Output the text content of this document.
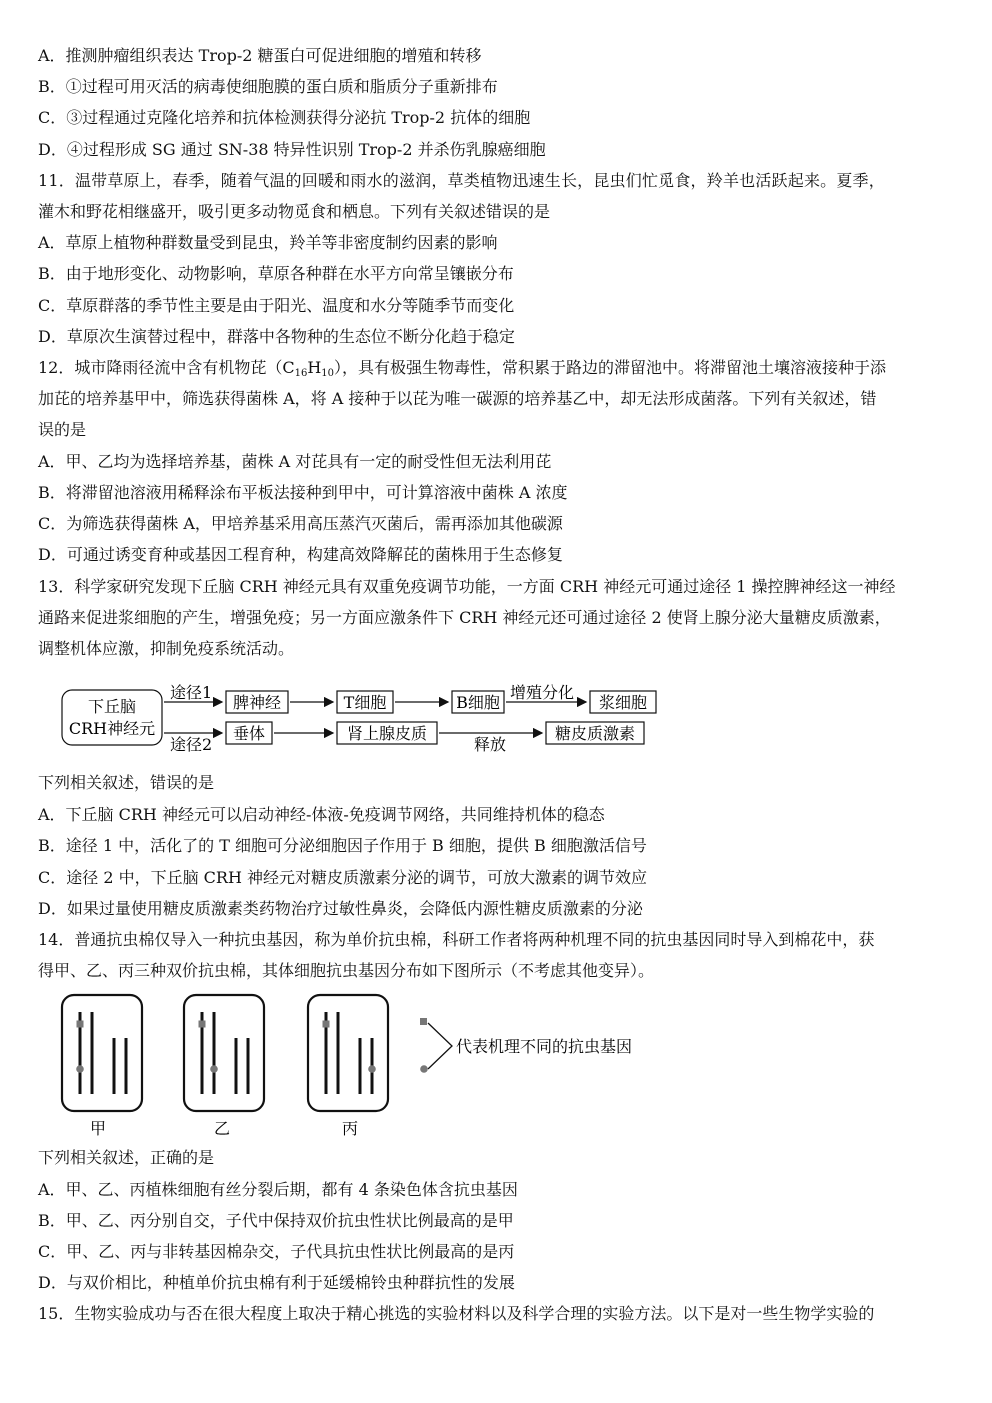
A．推测肿瘤组织表达 Trop-2 糖蛋白可促进细胞的增殖和转移
B．①过程可用灭活的病毒使细胞膜的蛋白质和脂质分子重新排布
C．③过程通过克隆化培养和抗体检测获得分泌抗 Trop-2 抗体的细胞
D．④过程形成 SG 通过 SN-38 特异性识别 Trop-2 并杀伤乳腺癌细胞
11．温带草原上，春季，随着气温的回暖和雨水的滋润，草类植物迅速生长，昆虫们忙觅食，羚羊也活跃起来。夏季，
灌木和野花相继盛开，吸引更多动物觅食和栖息。下列有关叙述错误的是
A．草原上植物种群数量受到昆虫，羚羊等非密度制约因素的影响
B．由于地形变化、动物影响，草原各种群在水平方向常呈镶嵌分布
C．草原群落的季节性主要是由于阳光、温度和水分等随季节而变化
D．草原次生演替过程中，群落中各物种的生态位不断分化趋于稳定
12．城市降雨径流中含有机物芘$(C_{16}H_{10})$，具有极强生物毒性，常积累于路边的滞留池中。将滞留池土壤溶液接种于添
加芘的培养基甲中，筛选获得菌株 A，将 A 接种于以芘为唯一碳源的培养基乙中，却无法形成菌落。下列有关叙述，错
误的是
A．甲、乙均为选择培养基，菌株 A 对芘具有一定的耐受性但无法利用芘
B．将滞留池溶液用稀释涂布平板法接种到甲中，可计算溶液中菌株 A 浓度
C．为筛选获得菌株 A，甲培养基采用高压蒸汽灭菌后，需再添加其他碳源
D．可通过诱变育种或基因工程育种，构建高效降解芘的菌株用于生态修复
13．科学家研究发现下丘脑 CRH 神经元具有双重免疫调节功能，一方面 CRH 神经元可通过途径 1 操控脾神经这一神经
通路来促进浆细胞的产生，增强免疫；另一方面应激条件下 CRH 神经元还可通过途径 2 使肾上腺分泌大量糖皮质激素，
调整机体应激，抑制免疫系统活动。
下丘脑
CRH神经元
途径1
脾神经	T细胞	B细胞
增殖分化
浆细胞
途径2
垂体	肾上腺皮质
释放
糖皮质激素
下列相关叙述，错误的是
A．下丘脑 CRH 神经元可以启动神经-体液-免疫调节网络，共同维持机体的稳态
B．途径 1 中，活化了的 T 细胞可分泌细胞因子作用于 B 细胞，提供 B 细胞激活信号
C．途径 2 中，下丘脑 CRH 神经元对糖皮质激素分泌的调节，可放大激素的调节效应
D．如果过量使用糖皮质激素类药物治疗过敏性鼻炎，会降低内源性糖皮质激素的分泌
14．普通抗虫棉仅导入一种抗虫基因，称为单价抗虫棉，科研工作者将两种机理不同的抗虫基因同时导入到棉花中，获
得甲、乙、丙三种双价抗虫棉，其体细胞抗虫基因分布如下图所示（不考虑其他变异）。
甲	乙	丙
代表机理不同的抗虫基因
下列相关叙述，正确的是
A．甲、乙、丙植株细胞有丝分裂后期，都有 4 条染色体含抗虫基因
B．甲、乙、丙分别自交，子代中保持双价抗虫性状比例最高的是甲
C．甲、乙、丙与非转基因棉杂交，子代具抗虫性状比例最高的是丙
D．与双价相比，种植单价抗虫棉有利于延缓棉铃虫种群抗性的发展
15．生物实验成功与否在很大程度上取决于精心挑选的实验材料以及科学合理的实验方法。以下是对一些生物学实验的
